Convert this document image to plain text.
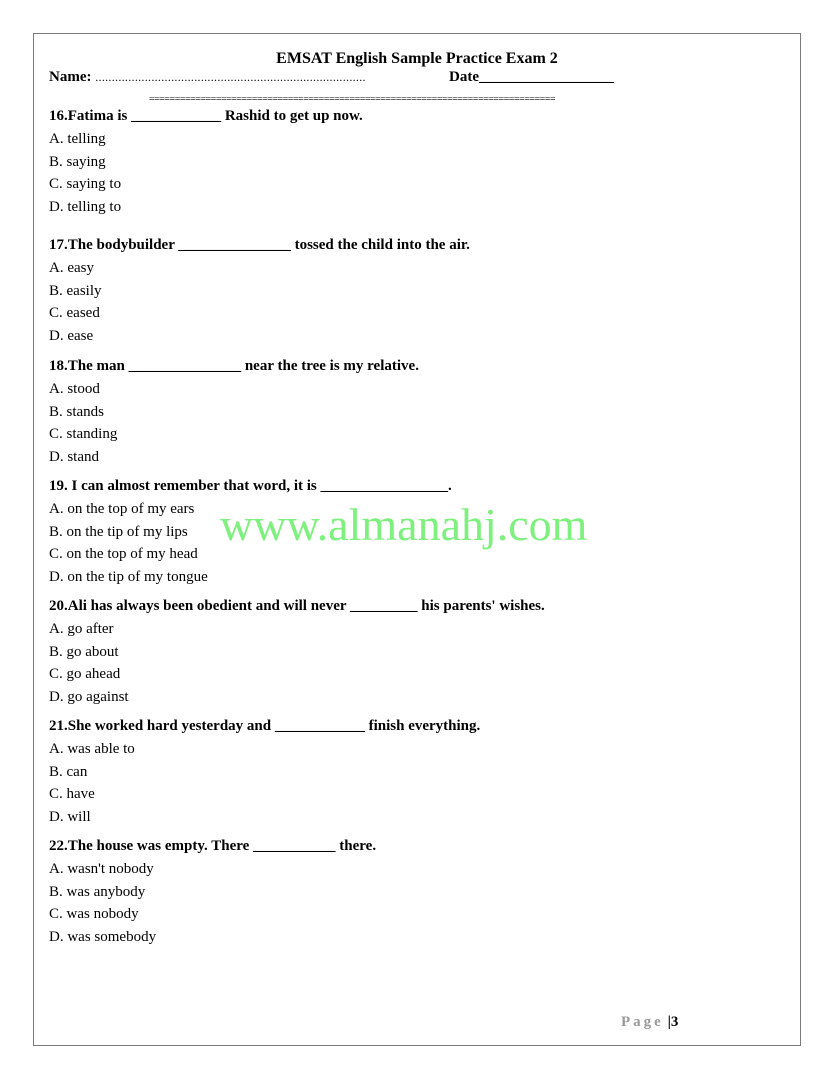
EMSAT English Sample Practice Exam 2
Name: ..................................................................................	Date__________________
===============================================================================
16.Fatima is ____________ Rashid to get up now.
A. telling
B. saying
C. saying to
D. telling to
17.The bodybuilder _______________ tossed the child into the air.
A. easy
B. easily
C. eased
D. ease
18.The man _______________ near the tree is my relative.
A. stood
B. stands
C. standing
D. stand
19. I can almost remember that word, it is _________________.
A. on the top of my ears
B. on the tip of my lips
C. on the top of my head
D. on the tip of my tongue
20.Ali has always been obedient and will never _________ his parents' wishes.
A. go after
B. go about
C. go ahead
D. go against
21.She worked hard yesterday and ____________ finish everything.
A. was able to
B. can
C. have
D. will
22.The house was empty. There ___________ there.
A. wasn't nobody
B. was anybody
C. was nobody
D. was somebody
www.almanahj.com
Page |3
